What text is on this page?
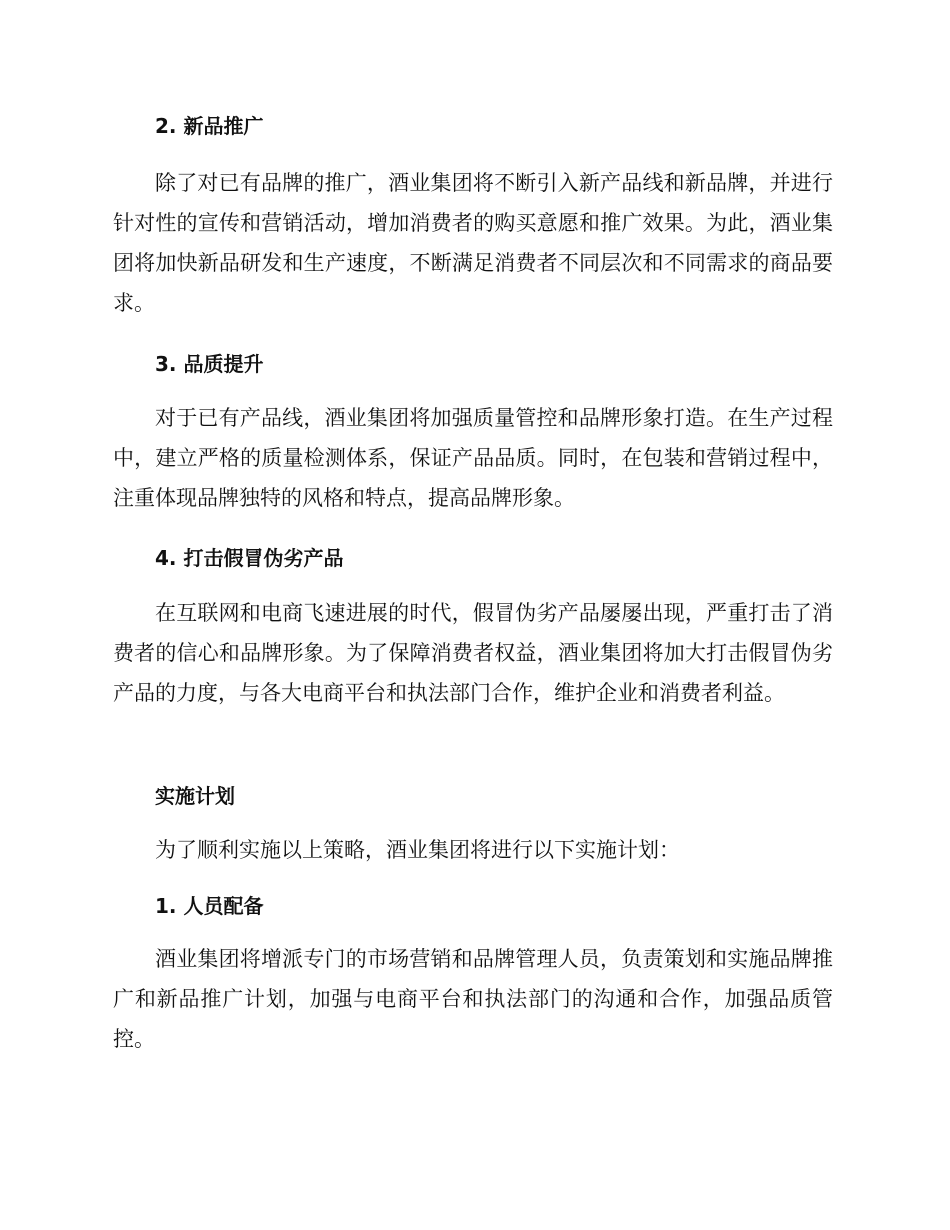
2. 新品推广
除了对已有品牌的推广，酒业集团将不断引入新产品线和新品牌，并进行针对性的宣传和营销活动，增加消费者的购买意愿和推广效果。为此，酒业集团将加快新品研发和生产速度，不断满足消费者不同层次和不同需求的商品要求。
3. 品质提升
对于已有产品线，酒业集团将加强质量管控和品牌形象打造。在生产过程中，建立严格的质量检测体系，保证产品品质。同时，在包装和营销过程中，注重体现品牌独特的风格和特点，提高品牌形象。
4. 打击假冒伪劣产品
在互联网和电商飞速进展的时代，假冒伪劣产品屡屡出现，严重打击了消费者的信心和品牌形象。为了保障消费者权益，酒业集团将加大打击假冒伪劣产品的力度，与各大电商平台和执法部门合作，维护企业和消费者利益。
实施计划
为了顺利实施以上策略，酒业集团将进行以下实施计划：
1. 人员配备
酒业集团将增派专门的市场营销和品牌管理人员，负责策划和实施品牌推广和新品推广计划，加强与电商平台和执法部门的沟通和合作，加强品质管控。
